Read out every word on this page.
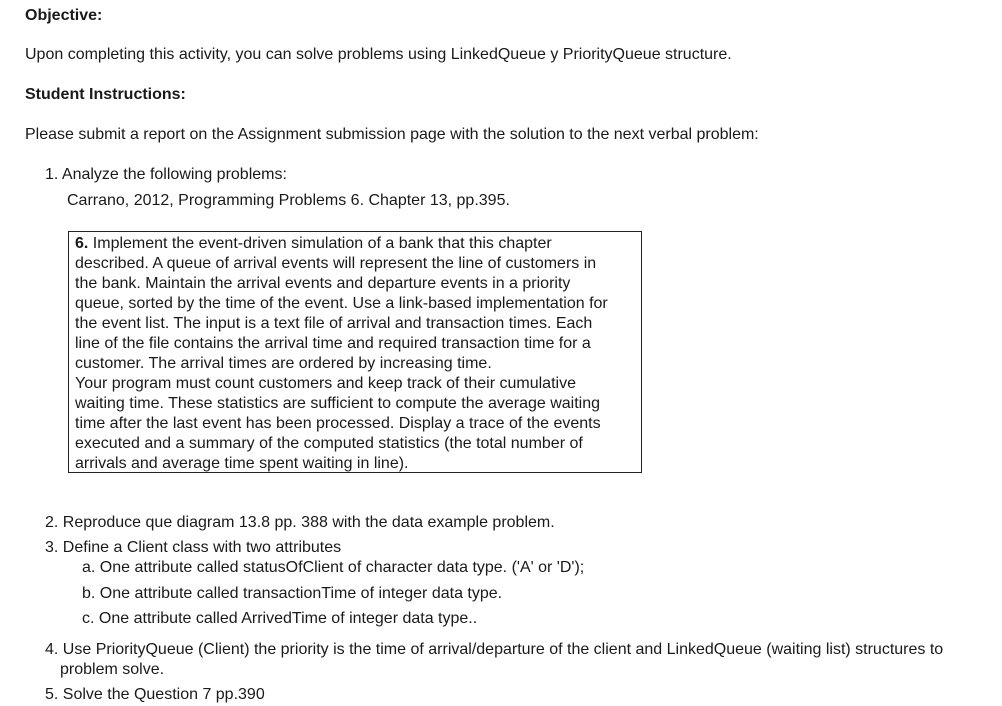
Objective:
Upon completing this activity, you can solve problems using LinkedQueue y PriorityQueue structure.
Student Instructions:
Please submit a report on the Assignment submission page with the solution to the next verbal problem:
1. Analyze the following problems:
Carrano, 2012, Programming Problems 6. Chapter 13, pp.395.
6. Implement the event-driven simulation of a bank that this chapter
described. A queue of arrival events will represent the line of customers in
the bank. Maintain the arrival events and departure events in a priority
queue, sorted by the time of the event. Use a link-based implementation for
the event list. The input is a text file of arrival and transaction times. Each
line of the file contains the arrival time and required transaction time for a
customer. The arrival times are ordered by increasing time.
Your program must count customers and keep track of their cumulative
waiting time. These statistics are sufficient to compute the average waiting
time after the last event has been processed. Display a trace of the events
executed and a summary of the computed statistics (the total number of
arrivals and average time spent waiting in line).
2. Reproduce que diagram 13.8 pp. 388 with the data example problem.
3. Define a Client class with two attributes
a. One attribute called statusOfClient of character data type. ('A' or 'D');
b. One attribute called transactionTime of integer data type.
c. One attribute called ArrivedTime of integer data type..
4. Use PriorityQueue (Client) the priority is the time of arrival/departure of the client and LinkedQueue (waiting list) structures to
problem solve.
5. Solve the Question 7 pp.390
